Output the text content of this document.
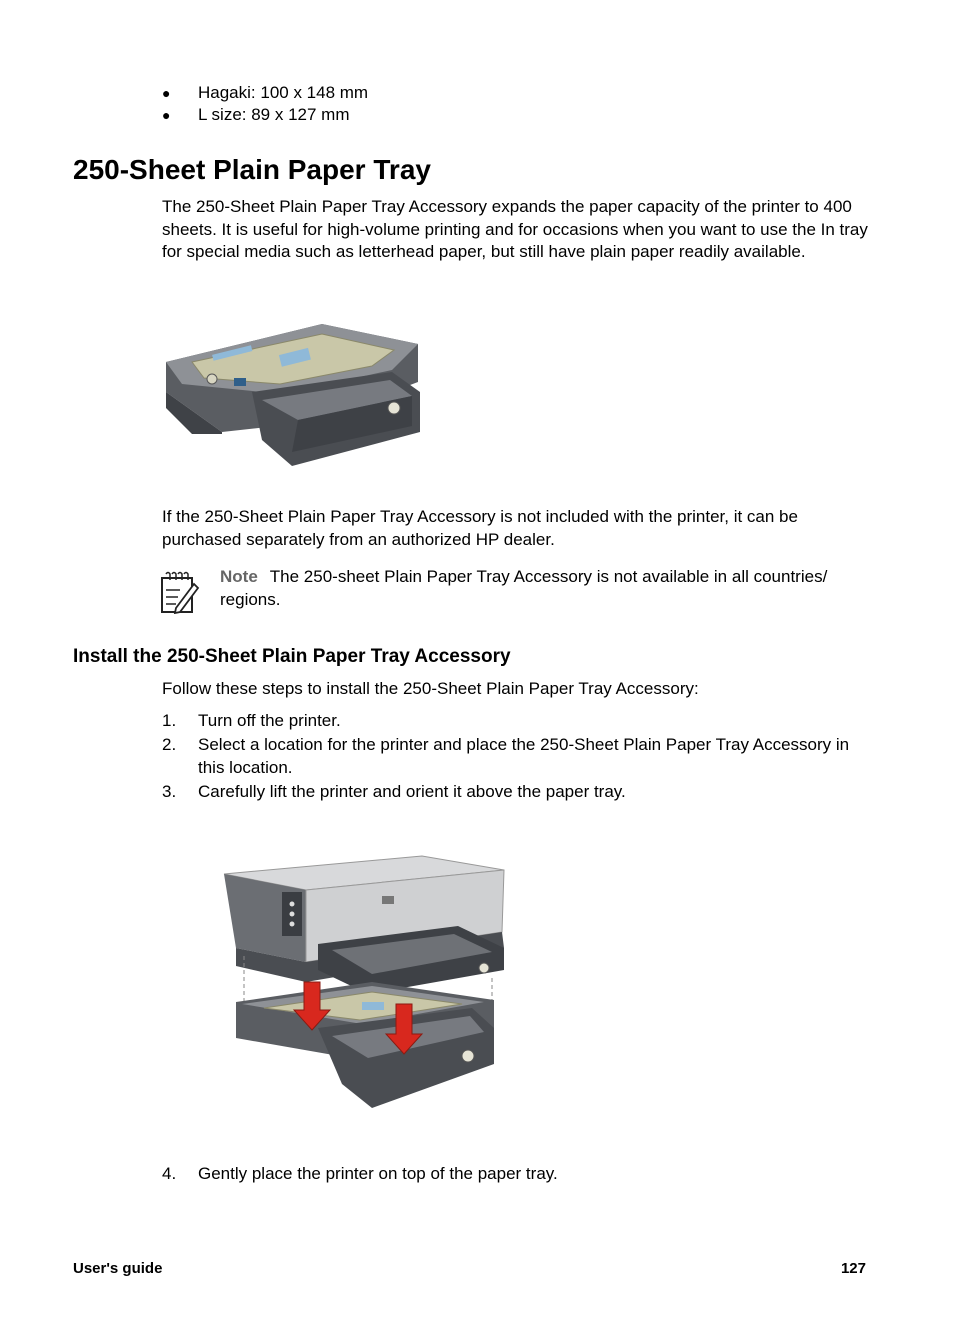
●	Hagaki: 100 x 148 mm
●	L size: 89 x 127 mm
250-Sheet Plain Paper Tray

The 250-Sheet Plain Paper Tray Accessory expands the paper capacity of the printer to 400 sheets. It is useful for high-volume printing and for occasions when you want to use the In tray for special media such as letterhead paper, but still have plain paper readily available.

If the 250-Sheet Plain Paper Tray Accessory is not included with the printer, it can be purchased separately from an authorized HP dealer.

Note The 250-sheet Plain Paper Tray Accessory is not available in all countries/ regions.

Install the 250-Sheet Plain Paper Tray Accessory

Follow these steps to install the 250-Sheet Plain Paper Tray Accessory:

1.	Turn off the printer.
2.	Select a location for the printer and place the 250-Sheet Plain Paper Tray Accessory in this location.
3.	Carefully lift the printer and orient it above the paper tray.
4.	Gently place the printer on top of the paper tray.
User's guide	127
